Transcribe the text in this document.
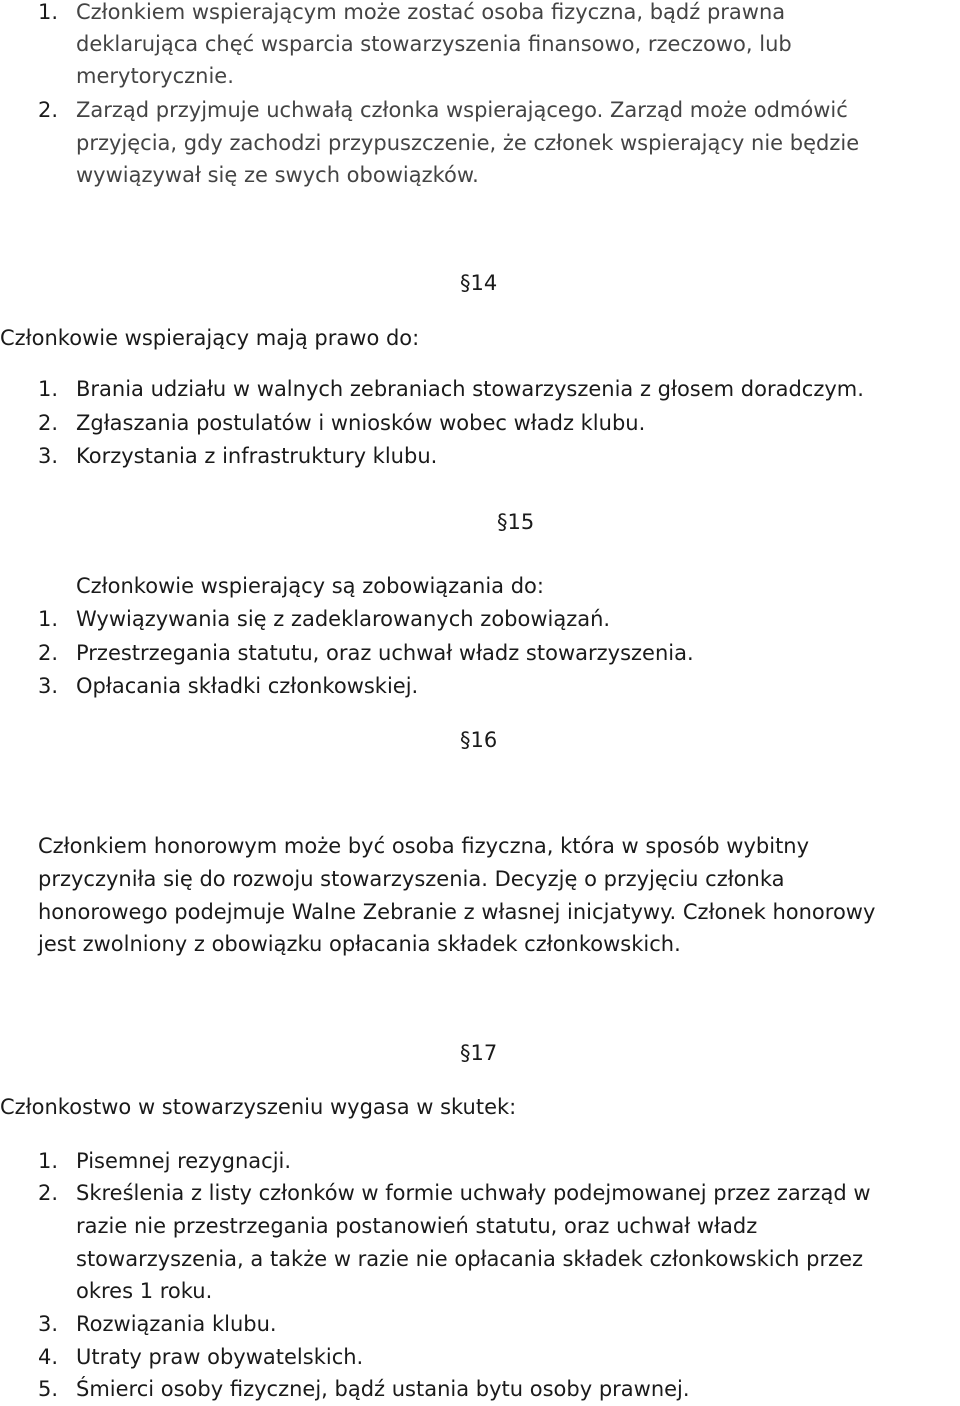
1. Członkiem wspierającym może zostać osoba fizyczna, bądź prawna
deklarująca chęć wsparcia stowarzyszenia finansowo, rzeczowo, lub
merytorycznie.
2. Zarząd przyjmuje uchwałą członka wspierającego. Zarząd może odmówić
przyjęcia, gdy zachodzi przypuszczenie, że członek wspierający nie będzie
wywiązywał się ze swych obowiązków.
§14
Członkowie wspierający mają prawo do:
1. Brania udziału w walnych zebraniach stowarzyszenia z głosem doradczym.
2. Zgłaszania postulatów i wniosków wobec władz klubu.
3. Korzystania z infrastruktury klubu.
§15
Członkowie wspierający są zobowiązania do:
1. Wywiązywania się z zadeklarowanych zobowiązań.
2. Przestrzegania statutu, oraz uchwał władz stowarzyszenia.
3. Opłacania składki członkowskiej.
§16
Członkiem honorowym może być osoba fizyczna, która w sposób wybitny
przyczyniła się do rozwoju stowarzyszenia. Decyzję o przyjęciu członka
honorowego podejmuje Walne Zebranie z własnej inicjatywy. Członek honorowy
jest zwolniony z obowiązku opłacania składek członkowskich.
§17
Członkostwo w stowarzyszeniu wygasa w skutek:
1. Pisemnej rezygnacji.
2. Skreślenia z listy członków w formie uchwały podejmowanej przez zarząd w
razie nie przestrzegania postanowień statutu, oraz uchwał władz
stowarzyszenia, a także w razie nie opłacania składek członkowskich przez
okres 1 roku.
3. Rozwiązania klubu.
4. Utraty praw obywatelskich.
5. Śmierci osoby fizycznej, bądź ustania bytu osoby prawnej.
